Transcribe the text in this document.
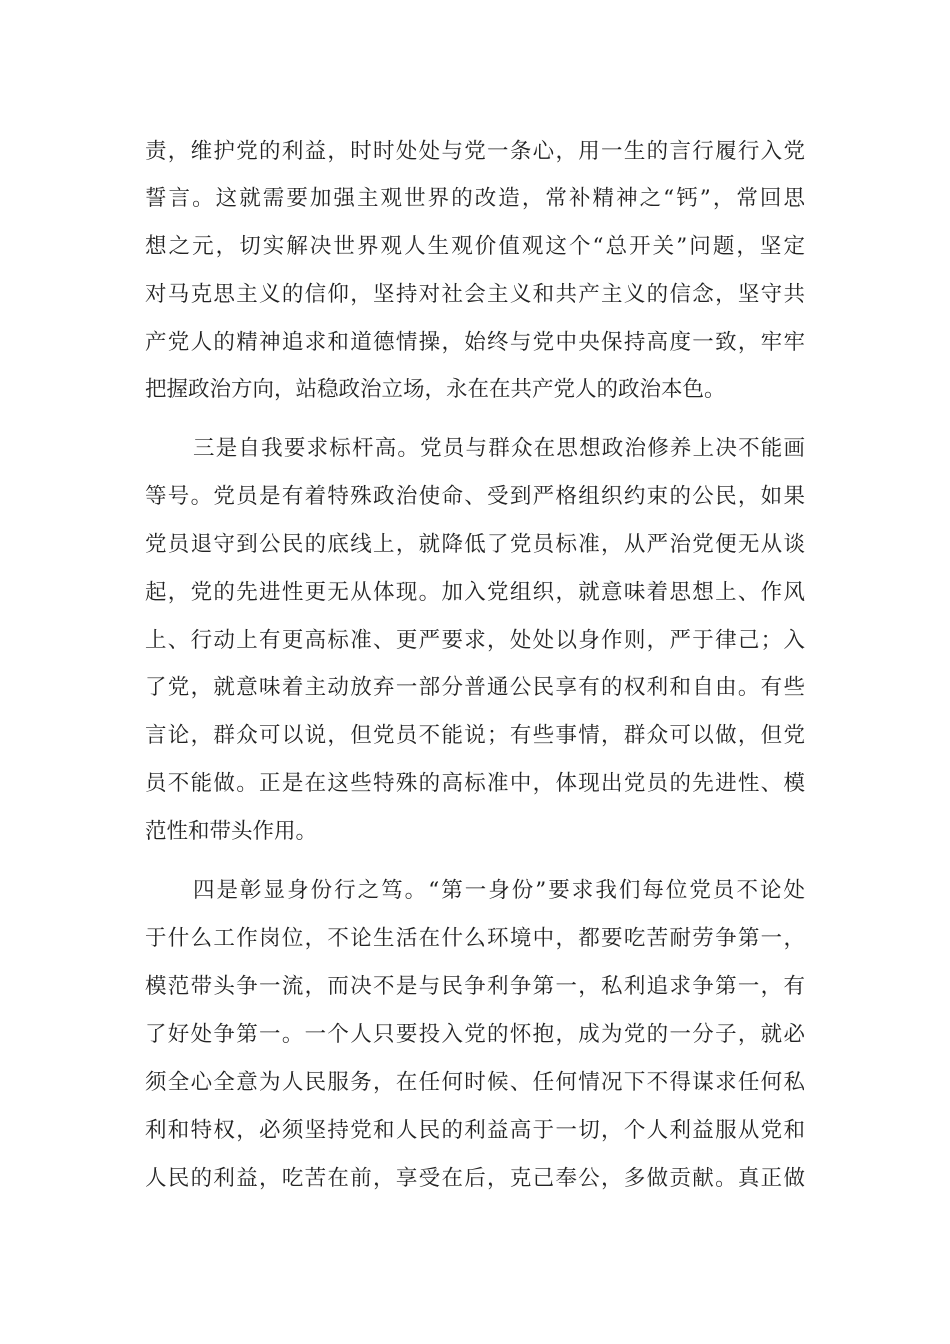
责，维护党的利益，时时处处与党一条心，用一生的言行履行入党
誓言。这就需要加强主观世界的改造，常补精神之“钙”，常回思
想之元，切实解决世界观人生观价值观这个“总开关”问题，坚定
对马克思主义的信仰，坚持对社会主义和共产主义的信念，坚守共
产党人的精神追求和道德情操，始终与党中央保持高度一致，牢牢
把握政治方向，站稳政治立场，永在在共产党人的政治本色。
三是自我要求标杆高。党员与群众在思想政治修养上决不能画
等号。党员是有着特殊政治使命、受到严格组织约束的公民，如果
党员退守到公民的底线上，就降低了党员标准，从严治党便无从谈
起，党的先进性更无从体现。加入党组织，就意味着思想上、作风
上、行动上有更高标准、更严要求，处处以身作则，严于律己；入
了党，就意味着主动放弃一部分普通公民享有的权利和自由。有些
言论，群众可以说，但党员不能说；有些事情，群众可以做，但党
员不能做。正是在这些特殊的高标准中，体现出党员的先进性、模
范性和带头作用。
四是彰显身份行之笃。“第一身份”要求我们每位党员不论处
于什么工作岗位，不论生活在什么环境中，都要吃苦耐劳争第一，
模范带头争一流，而决不是与民争利争第一，私利追求争第一，有
了好处争第一。一个人只要投入党的怀抱，成为党的一分子，就必
须全心全意为人民服务，在任何时候、任何情况下不得谋求任何私
利和特权，必须坚持党和人民的利益高于一切，个人利益服从党和
人民的利益，吃苦在前，享受在后，克己奉公，多做贡献。真正做
